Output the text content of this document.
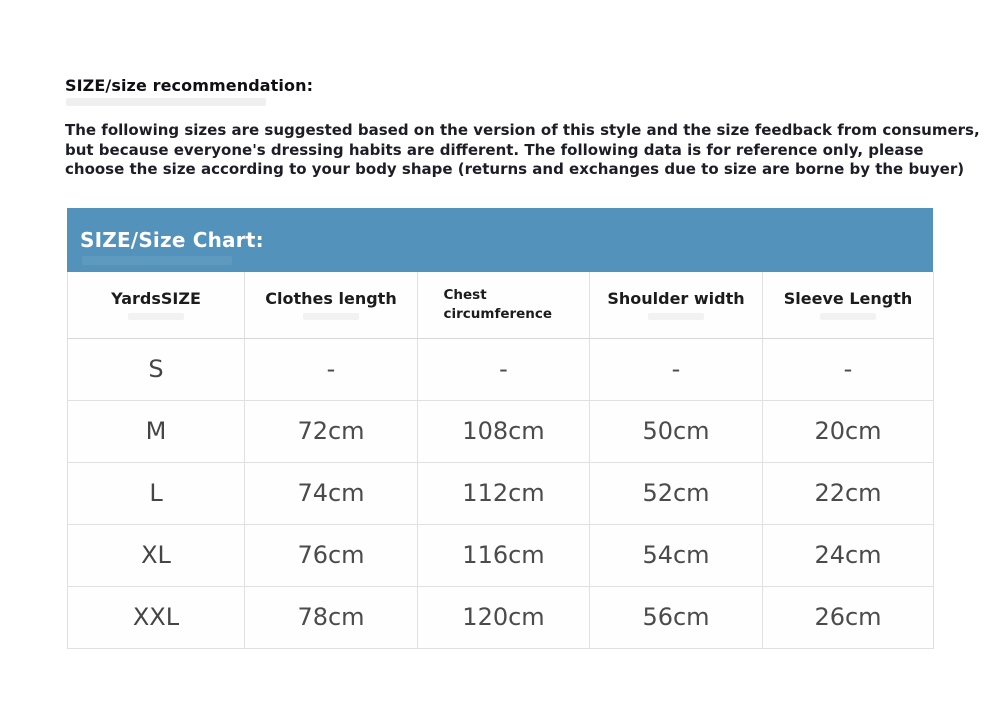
SIZE/size recommendation:
The following sizes are suggested based on the version of this style and the size feedback from consumers,
but because everyone's dressing habits are different. The following data is for reference only, please
choose the size according to your body shape (returns and exchanges due to size are borne by the buyer)
SIZE/Size Chart:
YardsSIZE	Clothes length	Chest circumference	Shoulder width	Sleeve Length

S	-	-	-	-
M	72cm	108cm	50cm	20cm
L	74cm	112cm	52cm	22cm
XL	76cm	116cm	54cm	24cm
XXL	78cm	120cm	56cm	26cm
